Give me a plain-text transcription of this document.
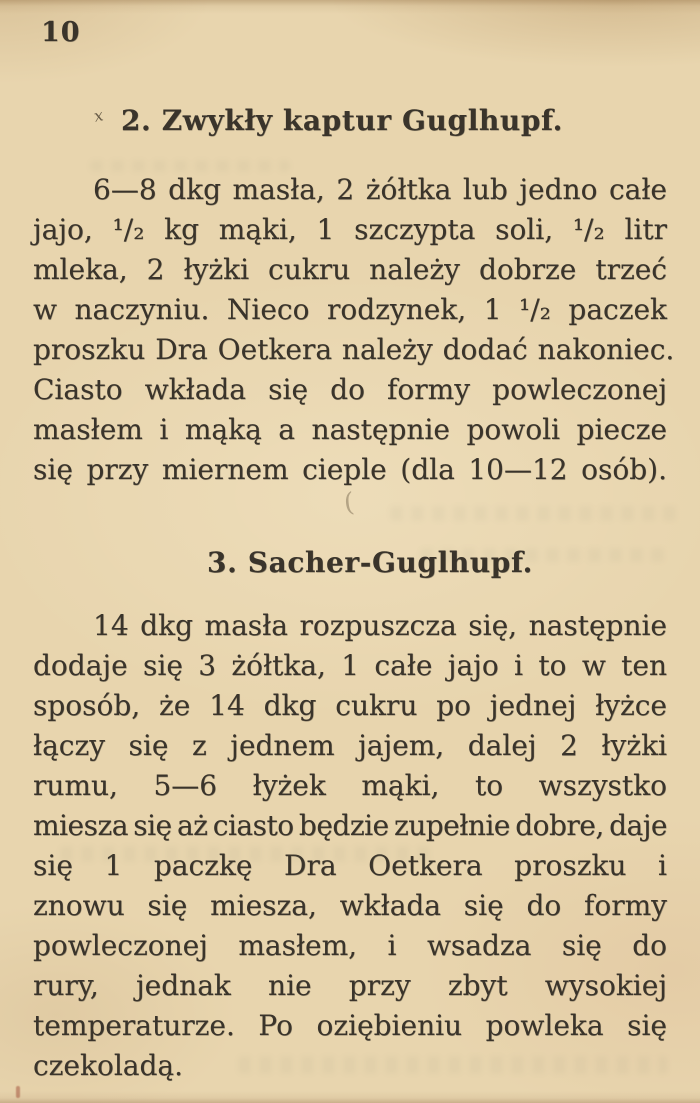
10
x 2. Zwykły kaptur Guglhupf.
6—8 dkg masła, 2 żółtka lub jedno całe
jajo, ¹/₂ kg mąki, 1 szczypta soli, ¹/₂ litr
mleka, 2 łyżki cukru należy dobrze trzeć
w naczyniu. Nieco rodzynek, 1 ¹/₂ paczek
proszku Dra Oetkera należy dodać nakoniec.
Ciasto wkłada się do formy powleczonej
masłem i mąką a następnie powoli piecze
się przy miernem cieple (dla 10—12 osób).
(
3. Sacher-Guglhupf.
14 dkg masła rozpuszcza się, następnie
dodaje się 3 żółtka, 1 całe jajo i to w ten
sposób, że 14 dkg cukru po jednej łyżce
łączy się z jednem jajem, dalej 2 łyżki
rumu, 5—6 łyżek mąki, to wszystko
miesza się aż ciasto będzie zupełnie dobre, daje
się 1 paczkę Dra Oetkera proszku i
znowu się miesza, wkłada się do formy
powleczonej masłem, i wsadza się do
rury, jednak nie przy zbyt wysokiej
temperaturze. Po oziębieniu powleka się
czekoladą.
